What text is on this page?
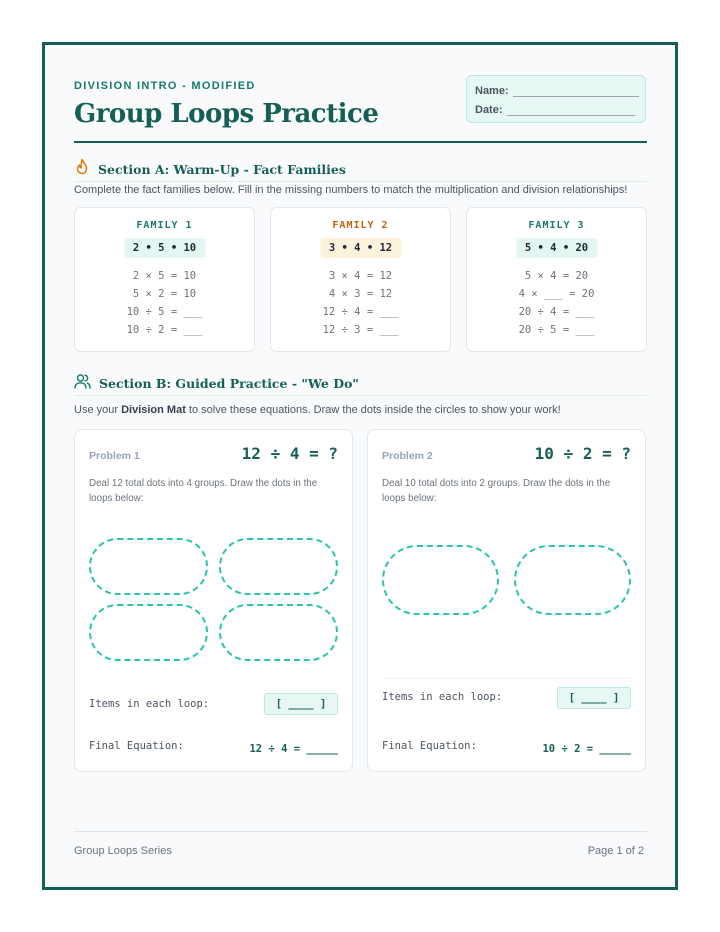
DIVISION INTRO - MODIFIED
Group Loops Practice
Name:
Date:
Section A: Warm-Up - Fact Families
Complete the fact families below. Fill in the missing numbers to match the multiplication and division relationships!
FAMILY 1
2 • 5 • 10
2 × 5 = 10
5 × 2 = 10
10 ÷ 5 = ___
10 ÷ 2 = ___
FAMILY 2
3 • 4 • 12
3 × 4 = 12
4 × 3 = 12
12 ÷ 4 = ___
12 ÷ 3 = ___
FAMILY 3
5 • 4 • 20
5 × 4 = 20
4 × ___ = 20
20 ÷ 4 = ___
20 ÷ 5 = ___
Section B: Guided Practice - "We Do"
Use your Division Mat to solve these equations. Draw the dots inside the circles to show your work!
Problem 1	12 ÷ 4 = ?
Deal 12 total dots into 4 groups. Draw the dots in the loops below:
Items in each loop:	[ ____ ]
Final Equation:	12 ÷ 4 = _____
Problem 2	10 ÷ 2 = ?
Deal 10 total dots into 2 groups. Draw the dots in the loops below:
Items in each loop:	[ ____ ]
Final Equation:	10 ÷ 2 = _____
Group Loops Series	Page 1 of 2
